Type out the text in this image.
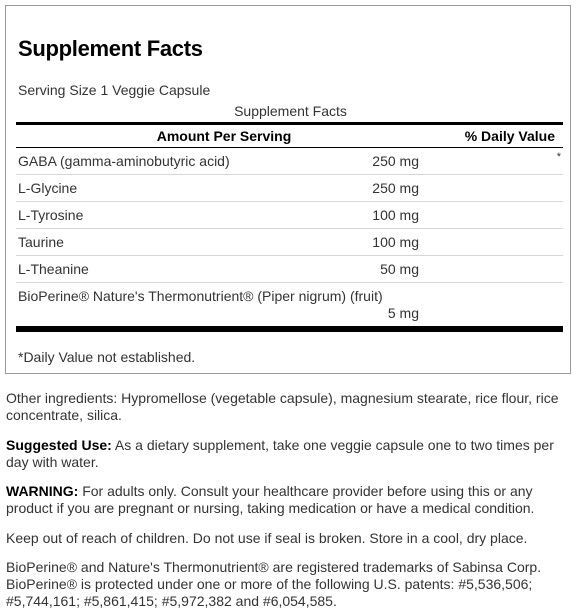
Supplement Facts
Serving Size 1 Veggie Capsule
Supplement Facts
Amount Per Serving	% Daily Value
GABA (gamma-aminobutyric acid)	250 mg	*
L-Glycine	250 mg
L-Tyrosine	100 mg
Taurine	100 mg
L-Theanine	50 mg
BioPerine® Nature's Thermonutrient® (Piper nigrum) (fruit)
5 mg
*Daily Value not established.
Other ingredients: Hypromellose (vegetable capsule), magnesium stearate, rice flour, rice concentrate, silica.
Suggested Use: As a dietary supplement, take one veggie capsule one to two times per day with water.
WARNING: For adults only. Consult your healthcare provider before using this or any product if you are pregnant or nursing, taking medication or have a medical condition.
Keep out of reach of children. Do not use if seal is broken. Store in a cool, dry place.
BioPerine® and Nature's Thermonutrient® are registered trademarks of Sabinsa Corp. BioPerine® is protected under one or more of the following U.S. patents: #5,536,506; #5,744,161; #5,861,415; #5,972,382 and #6,054,585.
